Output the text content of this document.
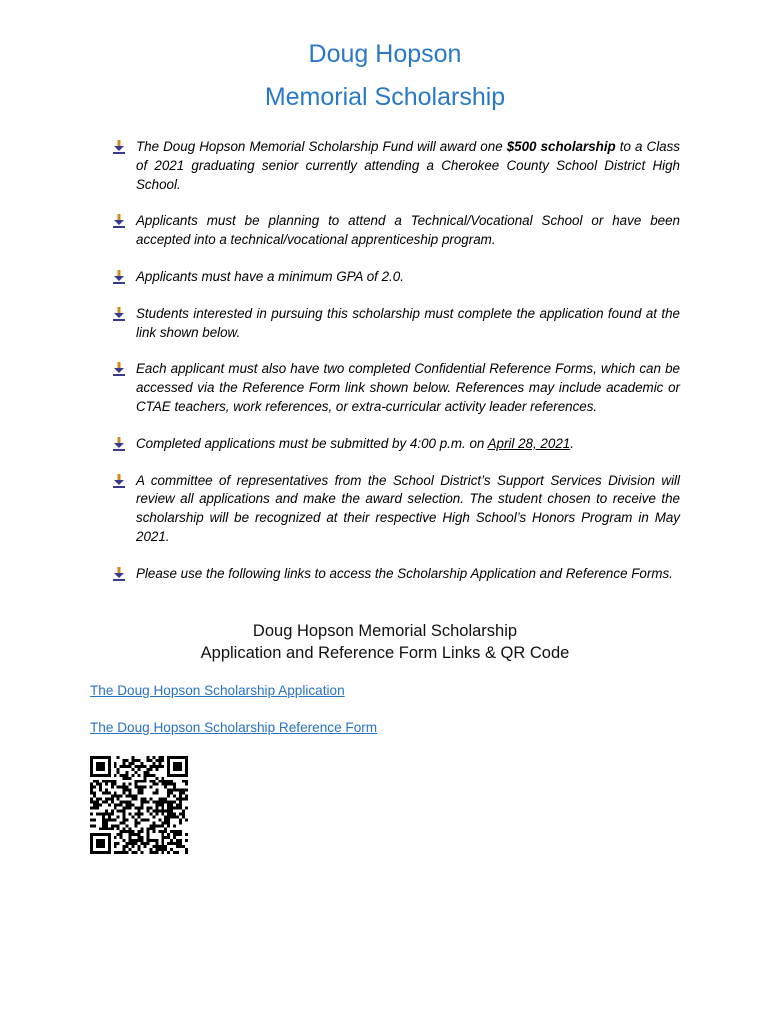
Doug Hopson
Memorial Scholarship
The Doug Hopson Memorial Scholarship Fund will award one $500 scholarship to a Class of 2021 graduating senior currently attending a Cherokee County School District High School.
Applicants must be planning to attend a Technical/Vocational School or have been accepted into a technical/vocational apprenticeship program.
Applicants must have a minimum GPA of 2.0.
Students interested in pursuing this scholarship must complete the application found at the link shown below.
Each applicant must also have two completed Confidential Reference Forms, which can be accessed via the Reference Form link shown below. References may include academic or CTAE teachers, work references, or extra-curricular activity leader references.
Completed applications must be submitted by 4:00 p.m. on April 28, 2021.
A committee of representatives from the School District’s Support Services Division will review all applications and make the award selection. The student chosen to receive the scholarship will be recognized at their respective High School’s Honors Program in May 2021.
Please use the following links to access the Scholarship Application and Reference Forms.
Doug Hopson Memorial Scholarship
Application and Reference Form Links & QR Code
The Doug Hopson Scholarship Application
The Doug Hopson Scholarship Reference Form
